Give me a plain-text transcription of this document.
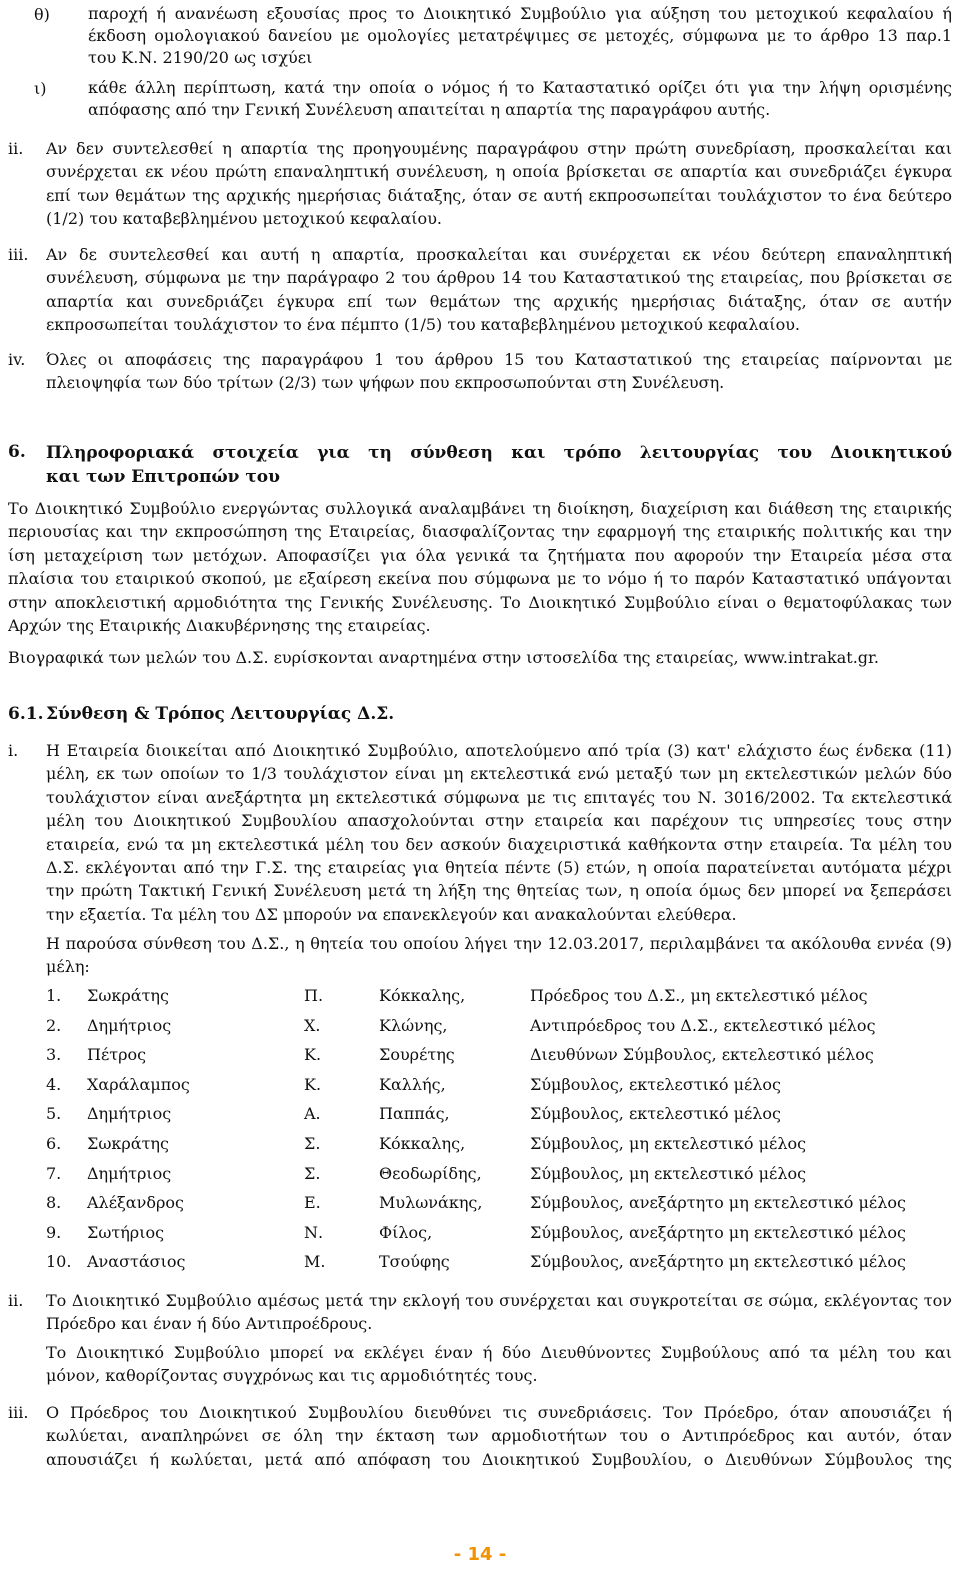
θ) παροχή ή ανανέωση εξουσίας προς το Διοικητικό Συμβούλιο για αύξηση του μετοχικού κεφαλαίου ή
έκδοση ομολογιακού δανείου με ομολογίες μετατρέψιμες σε μετοχές, σύμφωνα με το άρθρο 13 παρ.1
του Κ.Ν. 2190/20 ως ισχύει
ι)	κάθε άλλη περίπτωση, κατά την οποία ο νόμος ή το Καταστατικό ορίζει ότι για την λήψη ορισμένης
απόφασης από την Γενική Συνέλευση απαιτείται η απαρτία της παραγράφου αυτής.
ii. Αν δεν συντελεσθεί η απαρτία της προηγουμένης παραγράφου στην πρώτη συνεδρίαση, προσκαλείται και
συνέρχεται εκ νέου πρώτη επαναληπτική συνέλευση, η οποία βρίσκεται σε απαρτία και συνεδριάζει έγκυρα
επί των θεμάτων της αρχικής ημερήσιας διάταξης, όταν σε αυτή εκπροσωπείται τουλάχιστον το ένα δεύτερο
(1/2) του καταβεβλημένου μετοχικού κεφαλαίου.
iii. Αν δε συντελεσθεί και αυτή η απαρτία, προσκαλείται και συνέρχεται εκ νέου δεύτερη επαναληπτική
συνέλευση, σύμφωνα με την παράγραφο 2 του άρθρου 14 του Καταστατικού της εταιρείας, που βρίσκεται σε
απαρτία και συνεδριάζει έγκυρα επί των θεμάτων της αρχικής ημερήσιας διάταξης, όταν σε αυτήν
εκπροσωπείται τουλάχιστον το ένα πέμπτο (1/5) του καταβεβλημένου μετοχικού κεφαλαίου.
iv. Όλες οι αποφάσεις της παραγράφου 1 του άρθρου 15 του Καταστατικού της εταιρείας παίρνονται με
πλειοψηφία των δύο τρίτων (2/3) των ψήφων που εκπροσωπούνται στη Συνέλευση.
6. Πληροφοριακά στοιχεία για τη σύνθεση και τρόπο λειτουργίας του Διοικητικού
και των Επιτροπών του
Το Διοικητικό Συμβούλιο ενεργώντας συλλογικά αναλαμβάνει τη διοίκηση, διαχείριση και διάθεση της εταιρικής
περιουσίας και την εκπροσώπηση της Εταιρείας, διασφαλίζοντας την εφαρμογή της εταιρικής πολιτικής και την
ίση μεταχείριση των μετόχων. Αποφασίζει για όλα γενικά τα ζητήματα που αφορούν την Εταιρεία μέσα στα
πλαίσια του εταιρικού σκοπού, με εξαίρεση εκείνα που σύμφωνα με το νόμο ή το παρόν Καταστατικό υπάγονται
στην αποκλειστική αρμοδιότητα της Γενικής Συνέλευσης. Το Διοικητικό Συμβούλιο είναι ο θεματοφύλακας των
Αρχών της Εταιρικής Διακυβέρνησης της εταιρείας.
Βιογραφικά των μελών του Δ.Σ. ευρίσκονται αναρτημένα στην ιστοσελίδα της εταιρείας, www.intrakat.gr.
6.1. Σύνθεση & Τρόπος Λειτουργίας Δ.Σ.
i. Η Εταιρεία διοικείται από Διοικητικό Συμβούλιο, αποτελούμενο από τρία (3) κατ' ελάχιστο έως ένδεκα (11)
μέλη, εκ των οποίων το 1/3 τουλάχιστον είναι μη εκτελεστικά ενώ μεταξύ των μη εκτελεστικών μελών δύο
τουλάχιστον είναι ανεξάρτητα μη εκτελεστικά σύμφωνα με τις επιταγές του Ν. 3016/2002. Τα εκτελεστικά
μέλη του Διοικητικού Συμβουλίου απασχολούνται στην εταιρεία και παρέχουν τις υπηρεσίες τους στην
εταιρεία, ενώ τα μη εκτελεστικά μέλη του δεν ασκούν διαχειριστικά καθήκοντα στην εταιρεία. Τα μέλη του
Δ.Σ. εκλέγονται από την Γ.Σ. της εταιρείας για θητεία πέντε (5) ετών, η οποία παρατείνεται αυτόματα μέχρι
την πρώτη Τακτική Γενική Συνέλευση μετά τη λήξη της θητείας των, η οποία όμως δεν μπορεί να ξεπεράσει
την εξαετία. Τα μέλη του ΔΣ μπορούν να επανεκλεγούν και ανακαλούνται ελεύθερα.
Η παρούσα σύνθεση του Δ.Σ., η θητεία του οποίου λήγει την 12.03.2017, περιλαμβάνει τα ακόλουθα εννέα (9)
μέλη:
1. Σωκράτης	Π.	Κόκκαλης,	Πρόεδρος του Δ.Σ., μη εκτελεστικό μέλος
2. Δημήτριος	Χ.	Κλώνης,	Αντιπρόεδρος του Δ.Σ., εκτελεστικό μέλος
3. Πέτρος	Κ.	Σουρέτης	Διευθύνων Σύμβουλος, εκτελεστικό μέλος
4. Χαράλαμπος	Κ.	Καλλής,	Σύμβουλος, εκτελεστικό μέλος
5. Δημήτριος	Α.	Παππάς,	Σύμβουλος, εκτελεστικό μέλος
6. Σωκράτης	Σ.	Κόκκαλης,	Σύμβουλος, μη εκτελεστικό μέλος
7. Δημήτριος	Σ.	Θεοδωρίδης,	Σύμβουλος, μη εκτελεστικό μέλος
8. Αλέξανδρος	Ε.	Μυλωνάκης,	Σύμβουλος, ανεξάρτητο μη εκτελεστικό μέλος
9. Σωτήριος	Ν.	Φίλος,	Σύμβουλος, ανεξάρτητο μη εκτελεστικό μέλος
10. Αναστάσιος	Μ.	Τσούφης	Σύμβουλος, ανεξάρτητο μη εκτελεστικό μέλος
ii. Το Διοικητικό Συμβούλιο αμέσως μετά την εκλογή του συνέρχεται και συγκροτείται σε σώμα, εκλέγοντας τον
Πρόεδρο και έναν ή δύο Αντιπροέδρους.
Το Διοικητικό Συμβούλιο μπορεί να εκλέγει έναν ή δύο Διευθύνοντες Συμβούλους από τα μέλη του και
μόνον, καθορίζοντας συγχρόνως και τις αρμοδιότητές τους.
iii. Ο Πρόεδρος του Διοικητικού Συμβουλίου διευθύνει τις συνεδριάσεις. Τον Πρόεδρο, όταν απουσιάζει ή
κωλύεται, αναπληρώνει σε όλη την έκταση των αρμοδιοτήτων του ο Αντιπρόεδρος και αυτόν, όταν
απουσιάζει ή κωλύεται, μετά από απόφαση του Διοικητικού Συμβουλίου, ο Διευθύνων Σύμβουλος της
- 14 -
